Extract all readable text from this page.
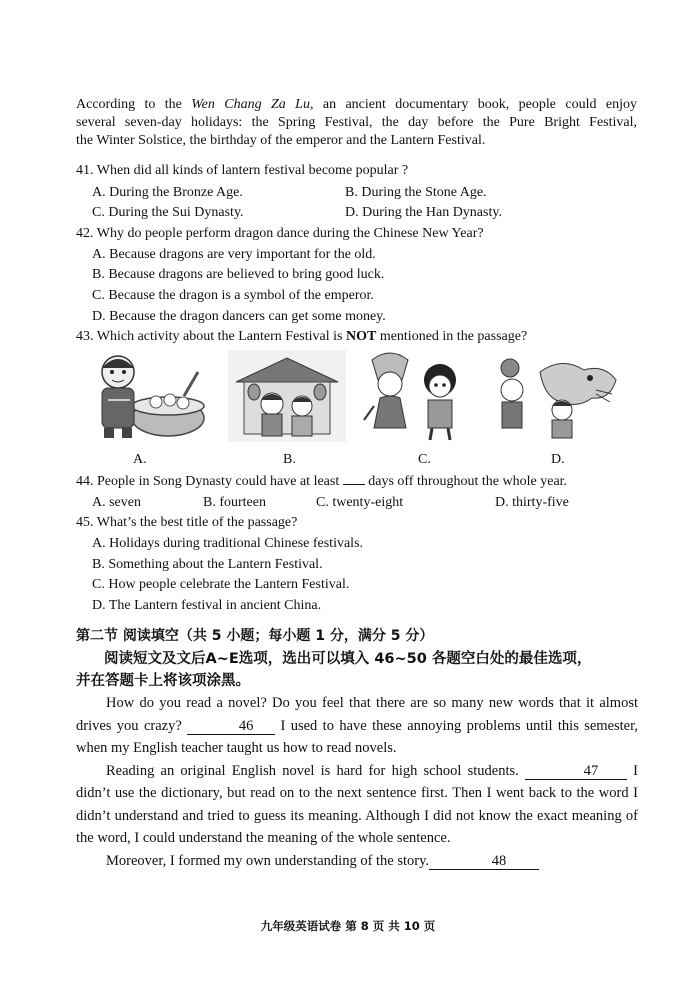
According to the Wen Chang Za Lu, an ancient documentary book, people could enjoy
several seven-day holidays: the Spring Festival, the day before the Pure Bright Festival,
the Winter Solstice, the birthday of the emperor and the Lantern Festival.
41. When did all kinds of lantern festival become popular ?
A. During the Bronze Age.	B. During the Stone Age.
C. During the Sui Dynasty.	D. During the Han Dynasty.
42. Why do people perform dragon dance during the Chinese New Year?
A. Because dragons are very important for the old.
B. Because dragons are believed to bring good luck.
C. Because the dragon is a symbol of the emperor.
D. Because the dragon dancers can get some money.
43. Which activity about the Lantern Festival is NOT mentioned in the passage?
A.	B.	C.	D.
44. People in Song Dynasty could have at least  days off throughout the whole year.
A. seven	B. fourteen	C. twenty-eight	D. thirty-five
45. What’s the best title of the passage?
A. Holidays during traditional Chinese festivals.
B. Something about the Lantern Festival.
C. How people celebrate the Lantern Festival.
D. The Lantern festival in ancient China.
第二节 阅读填空（共 5 小题；每小题 1 分，满分 5 分）
阅读短文及文后A~E选项，选出可以填入 46~50 各题空白处的最佳选项，
并在答题卡上将该项涂黑。

How do you read a novel? Do you feel that there are so many new words that it almost drives you crazy?	46 I used to have these annoying problems until this semester, when my English teacher taught us how to read novels.

Reading an original English novel is hard for high school students.	47 I didn’t use the dictionary, but read on to the next sentence first. Then I went back to the word I didn’t understand and tried to guess its meaning. Although I did not know the exact meaning of the word, I could understand the meaning of the whole sentence.

Moreover, I formed my own understanding of the story.	48

九年级英语试卷 第 8 页 共 10 页
